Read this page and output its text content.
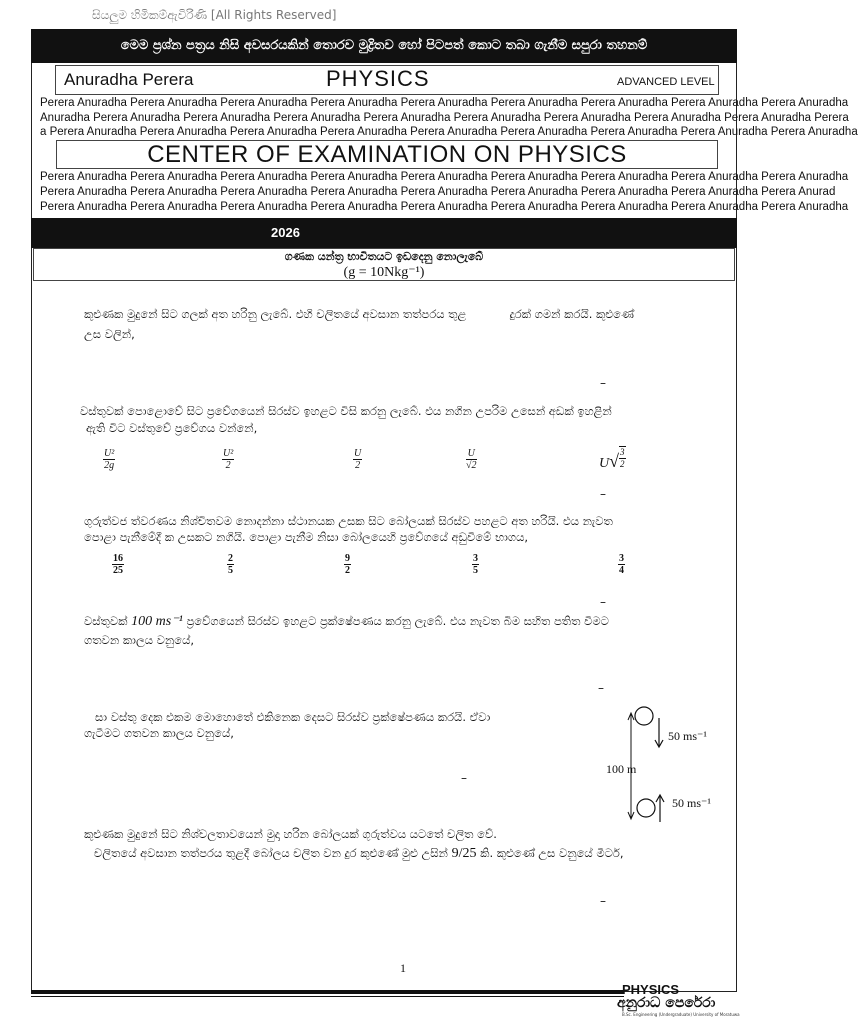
සියලුම හිමිකම්ඇවිරිණි [All Rights Reserved]
මෙම ප්‍රශ්න පත්‍රය නිසි අවසරයකින් තොරව මුද්‍රිතව හෝ පිටපත් කොට තබා ගැනීම සපුරා තහනම්
Anuradha Perera	PHYSICS	ADVANCED LEVEL
Perera Anuradha Perera Anuradha Perera Anuradha Perera Anuradha Perera Anuradha Perera Anuradha Perera Anuradha Perera Anuradha Perera Anuradha
Anuradha Perera Anuradha Perera Anuradha Perera Anuradha Perera Anuradha Perera Anuradha Perera Anuradha Perera Anuradha Perera Anuradha Perera
a Perera Anuradha Perera Anuradha Perera Anuradha Perera Anuradha Perera Anuradha Perera Anuradha Perera Anuradha Perera Anuradha Perera Anuradha
CENTER OF EXAMINATION ON PHYSICS
Perera Anuradha Perera Anuradha Perera Anuradha Perera Anuradha Perera Anuradha Perera Anuradha Perera Anuradha Perera Anuradha Perera Anuradha
Perera Anuradha Perera Anuradha Perera Anuradha Perera Anuradha Perera Anuradha Perera Anuradha Perera Anuradha Perera Anuradha Perera Anurad
Perera Anuradha Perera Anuradha Perera Anuradha Perera Anuradha Perera Anuradha Perera Anuradha Perera Anuradha Perera Anuradha Perera Anuradha
2026
ගණක යන්ත්‍ර භාවිතයට ඉඩදෙනු නොලැබේ
(g = 10Nkg⁻¹)
කුළුණක මුදුනේ සිට ගලක් අත හරිනු ලැබේ. එහි චලිතයේ අවසාන තත්පරය තුළ	දුරක් ගමන් කරයි. කුළුණේ
උස වලින්,
–
වස්තුවක් පොළොවේ සිට ප්‍රවේගයෙන් සිරස්ව ඉහළට විසි කරනු ලැබේ. එය නගින උපරිම උසෙන් අඩක් ඉහළින්
ඇති විට වස්තුවේ ප්‍රවේගය වන්නේ,
$\frac{\text{U²}}{2g}$	$\frac{\text{U²}}{2}$	$\frac{U}{2}$	$\frac{U}{√2}$	$U√ \frac{3}{2}$
–
ගුරුත්වජ ත්වරණය නිශ්චිතවම නොදන්නා ස්ථානයක උසක සිට බෝලයක් සිරස්ව පහළට අත හරියි. එය නැවත
පොළා පැනීමේදී ක උසකට නගියි. පොළා පැනීම නිසා බෝලයෙහි ප්‍රවේගයේ අඩුවීමේ භාගය,
$\frac{16}{25}$	$\frac{2}{5}$	$\frac{9}{2}$	$\frac{3}{5}$	$\frac{3}{4}$
–
වස්තුවක් 100 ms⁻¹ ප්‍රවේගයෙන් සිරස්ව ඉහළට ප්‍රක්ෂේපණය කරනු ලැබේ. එය නැවත බිම සහිත පතිත වීමට
ගතවන කාලය වනුයේ,
–
සා වස්තු දෙක එකම මොහොතේ එකිනෙක දෙසට සිරස්ව ප්‍රක්ෂේපණය කරයි. ඒවා
ගැටීමට ගතවන කාලය වනුයේ,
–
50 ms⁻¹
100 m
50 ms⁻¹
කුළුණක මුදුනේ සිට නිශ්චලතාවයෙන් මුදා හරින බෝලයක් ගුරුත්වය යටතේ චලිත වේ.
චලිතයේ අවසාන තත්පරය තුළදී බෝලය චලිත වන දුර කුළුණේ මුළු උසින් 9/25 කි. කුළුණේ උස වනුයේ මීටර්,
–
1
PHYSICS
අනුරාධ පෙරේරා
B.Sc. Engineering (Undergraduate) University of Moratuwa
